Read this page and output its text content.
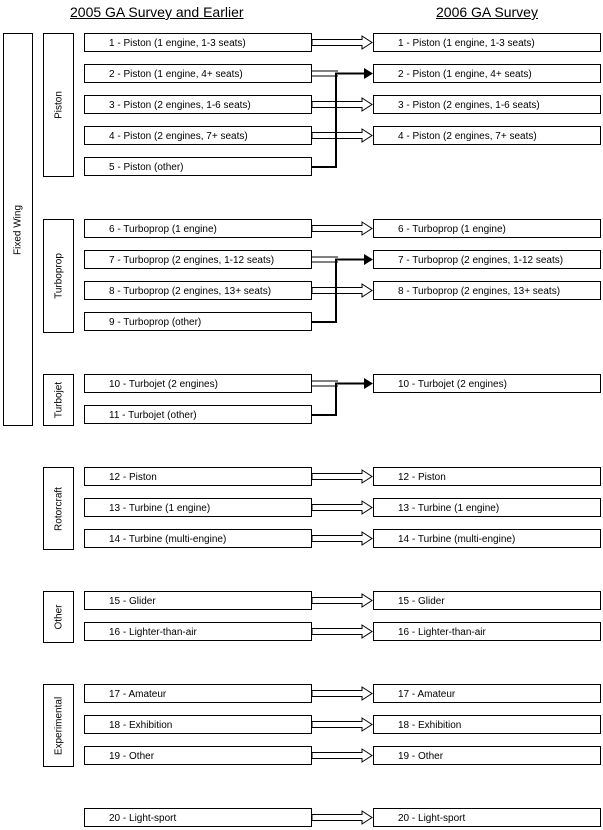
2005 GA Survey and Earlier	2006 GA Survey
Fixed Wing
Piston
Turboprop
Turbojet
Rotorcraft
Other
Experimental
1 - Piston (1 engine, 1-3 seats)
2 - Piston (1 engine, 4+ seats)
3 - Piston (2 engines, 1-6 seats)
4 - Piston (2 engines, 7+ seats)
5 - Piston (other)
6 - Turboprop (1 engine)
7 - Turboprop (2 engines, 1-12 seats)
8 - Turboprop (2 engines, 13+ seats)
9 - Turboprop (other)
10 - Turbojet (2 engines)
11 - Turbojet (other)
12 - Piston
13 - Turbine (1 engine)
14 - Turbine (multi-engine)
15 - Glider
16 - Lighter-than-air
17 - Amateur
18 - Exhibition
19 - Other
20 - Light-sport
1 - Piston (1 engine, 1-3 seats)
2 - Piston (1 engine, 4+ seats)
3 - Piston (2 engines, 1-6 seats)
4 - Piston (2 engines, 7+ seats)
6 - Turboprop (1 engine)
7 - Turboprop (2 engines, 1-12 seats)
8 - Turboprop (2 engines, 13+ seats)
10 - Turbojet (2 engines)
12 - Piston
13 - Turbine (1 engine)
14 - Turbine (multi-engine)
15 - Glider
16 - Lighter-than-air
17 - Amateur
18 - Exhibition
19 - Other
20 - Light-sport
